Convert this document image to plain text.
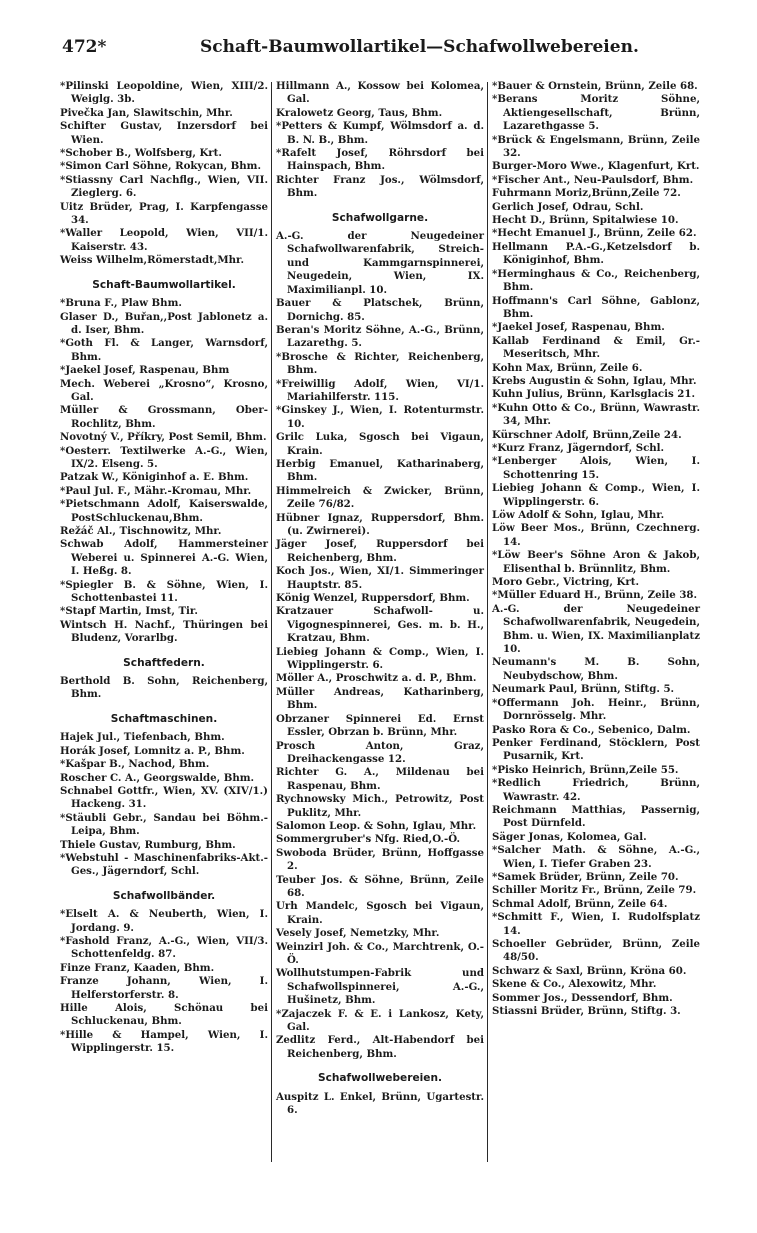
472*	Schaft-Baumwollartikel—Schafwollwebereien.

*Pilinski Leopoldine, Wien, XIII/2. Weiglg. 3b.

Pivečka Jan, Slawitschin, Mhr.

Schifter Gustav, Inzersdorf bei Wien.

*Schober B., Wolfsberg, Krt.

*Simon Carl Söhne, Rokycan, Bhm.

*Stiassny Carl Nachflg., Wien, VII. Zieglerg. 6.

Uitz Brüder, Prag, I. Karpfengasse 34.

*Waller Leopold, Wien, VII/1. Kaiserstr. 43.

Weiss Wilhelm,Römerstadt,Mhr.

Schaft-Baumwollartikel.

*Bruna F., Plaw Bhm.

Glaser D., Buřan,,Post Jablonetz a. d. Iser, Bhm.

*Goth Fl. & Langer, Warnsdorf, Bhm.

*Jaekel Josef, Raspenau, Bhm

Mech. Weberei „Krosno“, Krosno, Gal.

Müller & Grossmann, Ober-Rochlitz, Bhm.

Novotný V., Příkry, Post Semil, Bhm.

*Oesterr. Textilwerke A.-G., Wien, IX/2. Elseng. 5.

Patzak W., Königinhof a. E. Bhm.

*Paul Jul. F., Mähr.-Kromau, Mhr.

*Pietschmann Adolf, Kaiserswalde, PostSchluckenau,Bhm.

Režáč Al., Tischnowitz, Mhr.

Schwab Adolf, Hammersteiner Weberei u. Spinnerei A.-G. Wien, I. Heßg. 8.

*Spiegler B. & Söhne, Wien, I. Schottenbastei 11.

*Stapf Martin, Imst, Tir.

Wintsch H. Nachf., Thüringen bei Bludenz, Vorarlbg.

Schaftfedern.

Berthold B. Sohn, Reichenberg, Bhm.

Schaftmaschinen.

Hajek Jul., Tiefenbach, Bhm.

Horák Josef, Lomnitz a. P., Bhm.

*Kašpar B., Nachod, Bhm.

Roscher C. A., Georgswalde, Bhm.

Schnabel Gottfr., Wien, XV. (XIV/1.) Hackeng. 31.

*Stäubli Gebr., Sandau bei Böhm.-Leipa, Bhm.

Thiele Gustav, Rumburg, Bhm.

*Webstuhl - Maschinenfabriks-Akt.-Ges., Jägerndorf, Schl.

Schafwollbänder.

*Elselt A. & Neuberth, Wien, I. Jordang. 9.

*Fashold Franz, A.-G., Wien, VII/3. Schottenfeldg. 87.

Finze Franz, Kaaden, Bhm.

Franze Johann, Wien, I. Helferstorferstr. 8.

Hille Alois, Schönau bei Schluckenau, Bhm.

*Hille & Hampel, Wien, I. Wipplingerstr. 15.

Hillmann A., Kossow bei Kolomea, Gal.

Kralowetz Georg, Taus, Bhm.

*Petters & Kumpf, Wölmsdorf a. d. B. N. B., Bhm.

*Rafelt Josef, Röhrsdorf bei Hainspach, Bhm.

Richter Franz Jos., Wölmsdorf, Bhm.

Schafwollgarne.

A.-G. der Neugedeiner Schafwollwarenfabrik, Streich- und Kammgarnspinnerei, Neugedein, Wien, IX. Maximilianpl. 10.

Bauer & Platschek, Brünn, Dornichg. 85.

Beran's Moritz Söhne, A.-G., Brünn, Lazarethg. 5.

*Brosche & Richter, Reichenberg, Bhm.

*Freiwillig Adolf, Wien, VI/1. Mariahilferstr. 115.

*Ginskey J., Wien, I. Rotenturmstr. 10.

Grilc Luka, Sgosch bei Vigaun, Krain.

Herbig Emanuel, Katharinaberg, Bhm.

Himmelreich & Zwicker, Brünn, Zeile 76/82.

Hübner Ignaz, Ruppersdorf, Bhm. (u. Zwirnerei).

Jäger Josef, Ruppersdorf bei Reichenberg, Bhm.

Koch Jos., Wien, XI/1. Simmeringer Hauptstr. 85.

König Wenzel, Ruppersdorf, Bhm.

Kratzauer Schafwoll- u. Vigognespinnerei, Ges. m. b. H., Kratzau, Bhm.

Liebieg Johann & Comp., Wien, I. Wipplingerstr. 6.

Möller A., Proschwitz a. d. P., Bhm.

Müller Andreas, Katharinberg, Bhm.

Obrzaner Spinnerei Ed. Ernst Essler, Obrzan b. Brünn, Mhr.

Prosch Anton, Graz, Dreihackengasse 12.

Richter G. A., Mildenau bei Raspenau, Bhm.

Rychnowsky Mich., Petrowitz, Post Puklitz, Mhr.

Salomon Leop. & Sohn, Iglau, Mhr.

Sommergruber's Nfg. Ried,O.-Ö.

Swoboda Brüder, Brünn, Hoffgasse 2.

Teuber Jos. & Söhne, Brünn, Zeile 68.

Urh Mandelc, Sgosch bei Vigaun, Krain.

Vesely Josef, Nemetzky, Mhr.

Weinzirl Joh. & Co., Marchtrenk, O.-Ö.

Wollhutstumpen-Fabrik und Schafwollspinnerei, A.-G., Hušinetz, Bhm.

*Zajaczek F. & E. i Lankosz, Kety, Gal.

Zedlitz Ferd., Alt-Habendorf bei Reichenberg, Bhm.

Schafwollwebereien.

Auspitz L. Enkel, Brünn, Ugartestr. 6.

*Bauer & Ornstein, Brünn, Zeile 68.

*Berans Moritz Söhne, Aktiengesellschaft, Brünn, Lazarethgasse 5.

*Brück & Engelsmann, Brünn, Zeile 32.

Burger-Moro Wwe., Klagenfurt, Krt.

*Fischer Ant., Neu-Paulsdorf, Bhm.

Fuhrmann Moriz,Brünn,Zeile 72.

Gerlich Josef, Odrau, Schl.

Hecht D., Brünn, Spitalwiese 10.

*Hecht Emanuel J., Brünn, Zeile 62.

Hellmann P.A.-G.,Ketzelsdorf b. Königinhof, Bhm.

*Herminghaus & Co., Reichenberg, Bhm.

Hoffmann's Carl Söhne, Gablonz, Bhm.

*Jaekel Josef, Raspenau, Bhm.

Kallab Ferdinand & Emil, Gr.-Meseritsch, Mhr.

Kohn Max, Brünn, Zeile 6.

Krebs Augustin & Sohn, Iglau, Mhr.

Kuhn Julius, Brünn, Karlsglacis 21.

*Kuhn Otto & Co., Brünn, Wawrastr. 34, Mhr.

Kürschner Adolf, Brünn,Zeile 24.

*Kurz Franz, Jägerndorf, Schl.

*Lenberger Alois, Wien, I. Schottenring 15.

Liebieg Johann & Comp., Wien, I. Wipplingerstr. 6.

Löw Adolf & Sohn, Iglau, Mhr.

Löw Beer Mos., Brünn, Czechnerg. 14.

*Löw Beer's Söhne Aron & Jakob, Elisenthal b. Brünnlitz, Bhm.

Moro Gebr., Victring, Krt.

*Müller Eduard H., Brünn, Zeile 38.

A.-G. der Neugedeiner Schafwollwarenfabrik, Neugedein, Bhm. u. Wien, IX. Maximilianplatz 10.

Neumann's M. B. Sohn, Neubydschow, Bhm.

Neumark Paul, Brünn, Stiftg. 5.

*Offermann Joh. Heinr., Brünn, Dornrösselg. Mhr.

Pasko Rora & Co., Sebenico, Dalm.

Penker Ferdinand, Stöcklern, Post Pusarnik, Krt.

*Pisko Heinrich, Brünn,Zeile 55.

*Redlich Friedrich, Brünn, Wawrastr. 42.

Reichmann Matthias, Passernig, Post Dürnfeld.

Säger Jonas, Kolomea, Gal.

*Salcher Math. & Söhne, A.-G., Wien, I. Tiefer Graben 23.

*Samek Brüder, Brünn, Zeile 70.

Schiller Moritz Fr., Brünn, Zeile 79.

Schmal Adolf, Brünn, Zeile 64.

*Schmitt F., Wien, I. Rudolfsplatz 14.

Schoeller Gebrüder, Brünn, Zeile 48/50.

Schwarz & Saxl, Brünn, Kröna 60.

Skene & Co., Alexowitz, Mhr.

Sommer Jos., Dessendorf, Bhm.

Stiassni Brüder, Brünn, Stiftg. 3.
